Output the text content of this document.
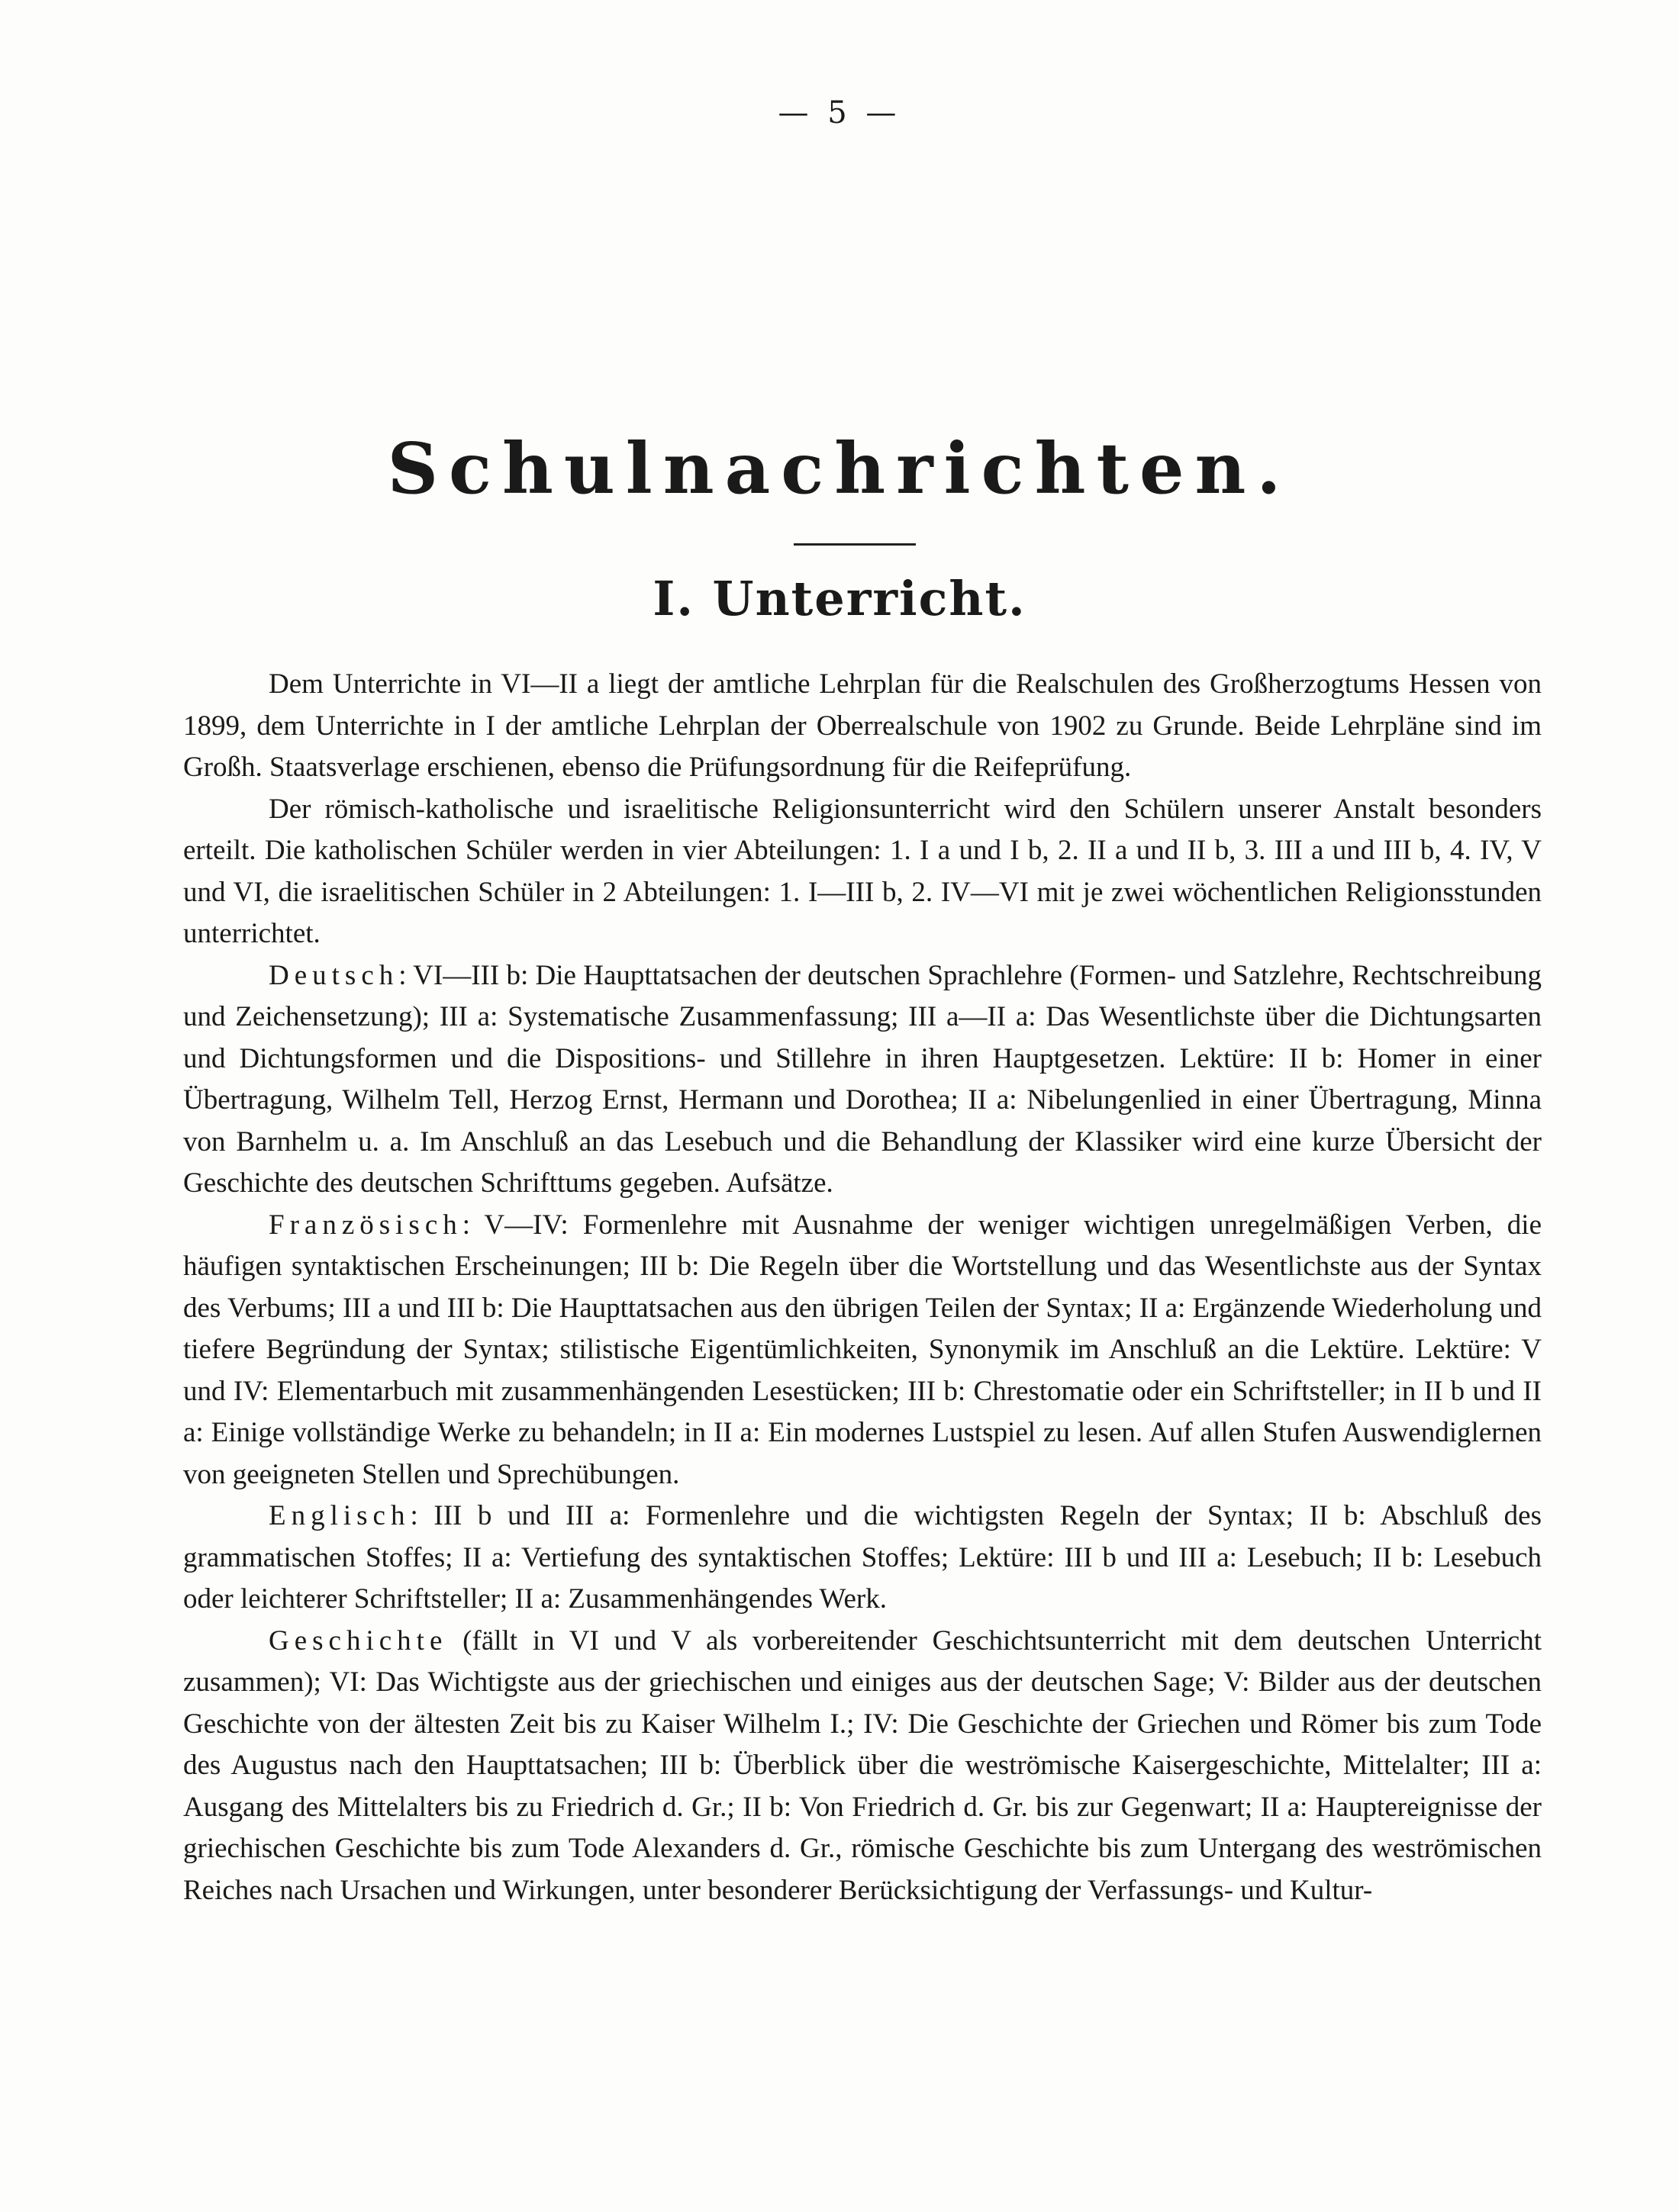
— 5 —
Schulnachrichten.
I. Unterricht.

Dem Unterrichte in VI—II a liegt der amtliche Lehrplan für die Realschulen des Großherzogtums Hessen von 1899, dem Unterrichte in I der amtliche Lehrplan der Oberrealschule von 1902 zu Grunde. Beide Lehrpläne sind im Großh. Staatsverlage erschienen, ebenso die Prüfungsordnung für die Reifeprüfung.

Der römisch-katholische und israelitische Religionsunterricht wird den Schülern unserer Anstalt besonders erteilt. Die katholischen Schüler werden in vier Abteilungen: 1. I a und I b, 2. II a und II b, 3. III a und III b, 4. IV, V und VI, die israelitischen Schüler in 2 Abteilungen: 1. I—III b, 2. IV—VI mit je zwei wöchentlichen Religionsstunden unterrichtet.

Deutsch: VI—III b: Die Haupttatsachen der deutschen Sprachlehre (Formen- und Satzlehre, Rechtschreibung und Zeichensetzung); III a: Systematische Zusammenfassung; III a—II a: Das Wesentlichste über die Dichtungsarten und Dichtungsformen und die Dispositions- und Stillehre in ihren Hauptgesetzen. Lektüre: II b: Homer in einer Übertragung, Wilhelm Tell, Herzog Ernst, Hermann und Dorothea; II a: Nibelungenlied in einer Übertragung, Minna von Barnhelm u. a. Im Anschluß an das Lesebuch und die Behandlung der Klassiker wird eine kurze Übersicht der Geschichte des deutschen Schrifttums gegeben. Aufsätze.

Französisch: V—IV: Formenlehre mit Ausnahme der weniger wichtigen unregelmäßigen Verben, die häufigen syntaktischen Erscheinungen; III b: Die Regeln über die Wortstellung und das Wesentlichste aus der Syntax des Verbums; III a und III b: Die Haupttatsachen aus den übrigen Teilen der Syntax; II a: Ergänzende Wiederholung und tiefere Begründung der Syntax; stilistische Eigentümlichkeiten, Synonymik im Anschluß an die Lektüre. Lektüre: V und IV: Elementarbuch mit zusammenhängenden Lesestücken; III b: Chrestomatie oder ein Schriftsteller; in II b und II a: Einige vollständige Werke zu behandeln; in II a: Ein modernes Lustspiel zu lesen. Auf allen Stufen Auswendiglernen von geeigneten Stellen und Sprechübungen.

Englisch: III b und III a: Formenlehre und die wichtigsten Regeln der Syntax; II b: Abschluß des grammatischen Stoffes; II a: Vertiefung des syntaktischen Stoffes; Lektüre: III b und III a: Lesebuch; II b: Lesebuch oder leichterer Schriftsteller; II a: Zusammenhängendes Werk.

Geschichte (fällt in VI und V als vorbereitender Geschichtsunterricht mit dem deutschen Unterricht zusammen); VI: Das Wichtigste aus der griechischen und einiges aus der deutschen Sage; V: Bilder aus der deutschen Geschichte von der ältesten Zeit bis zu Kaiser Wilhelm I.; IV: Die Geschichte der Griechen und Römer bis zum Tode des Augustus nach den Haupttatsachen; III b: Überblick über die weströmische Kaisergeschichte, Mittelalter; III a: Ausgang des Mittelalters bis zu Friedrich d. Gr.; II b: Von Friedrich d. Gr. bis zur Gegenwart; II a: Hauptereignisse der griechischen Geschichte bis zum Tode Alexanders d. Gr., römische Geschichte bis zum Untergang des weströmischen Reiches nach Ursachen und Wirkungen, unter besonderer Berücksichtigung der Verfassungs- und Kultur-
